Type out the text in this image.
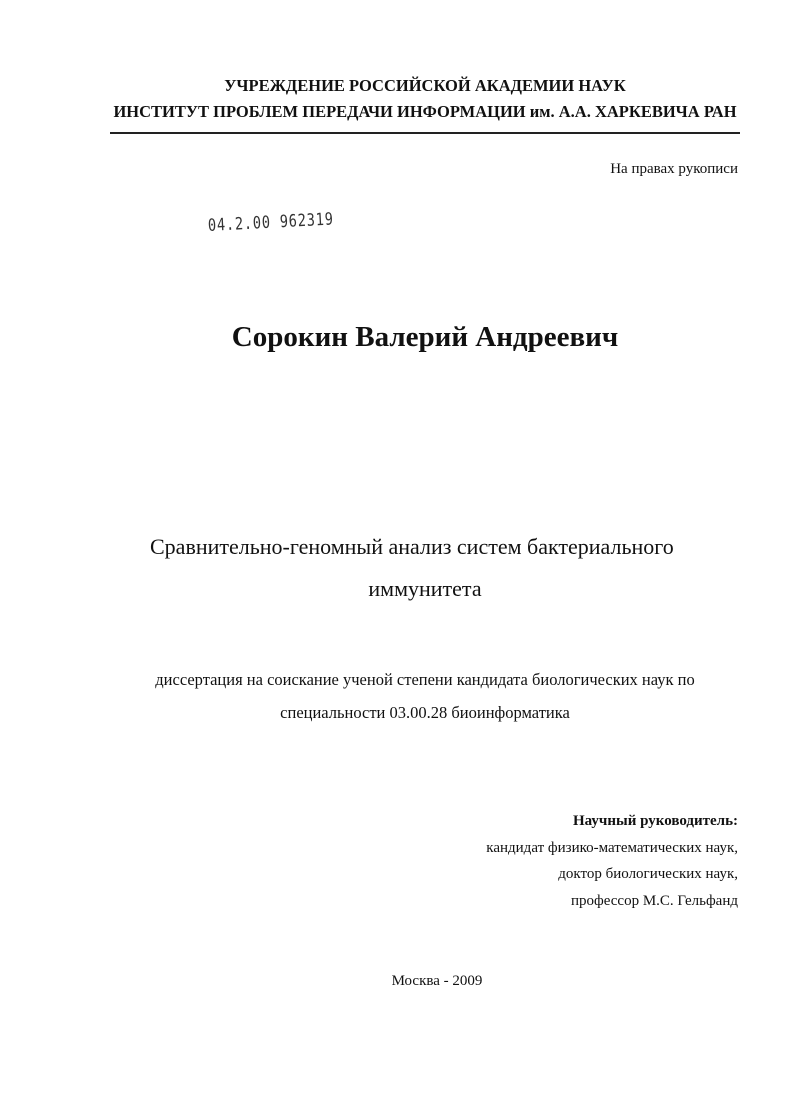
УЧРЕЖДЕНИЕ РОССИЙСКОЙ АКАДЕМИИ НАУК
ИНСТИТУТ ПРОБЛЕМ ПЕРЕДАЧИ ИНФОРМАЦИИ им. А.А. ХАРКЕВИЧА РАН
На правах рукописи
04.2.00 962319
Сорокин Валерий Андреевич
Сравнительно-геномный анализ систем бактериального
иммунитета
диссертация на соискание ученой степени кандидата биологических наук по
специальности 03.00.28 биоинформатика
Научный руководитель:
кандидат физико-математических наук,
доктор биологических наук,
профессор М.С. Гельфанд
Москва - 2009
